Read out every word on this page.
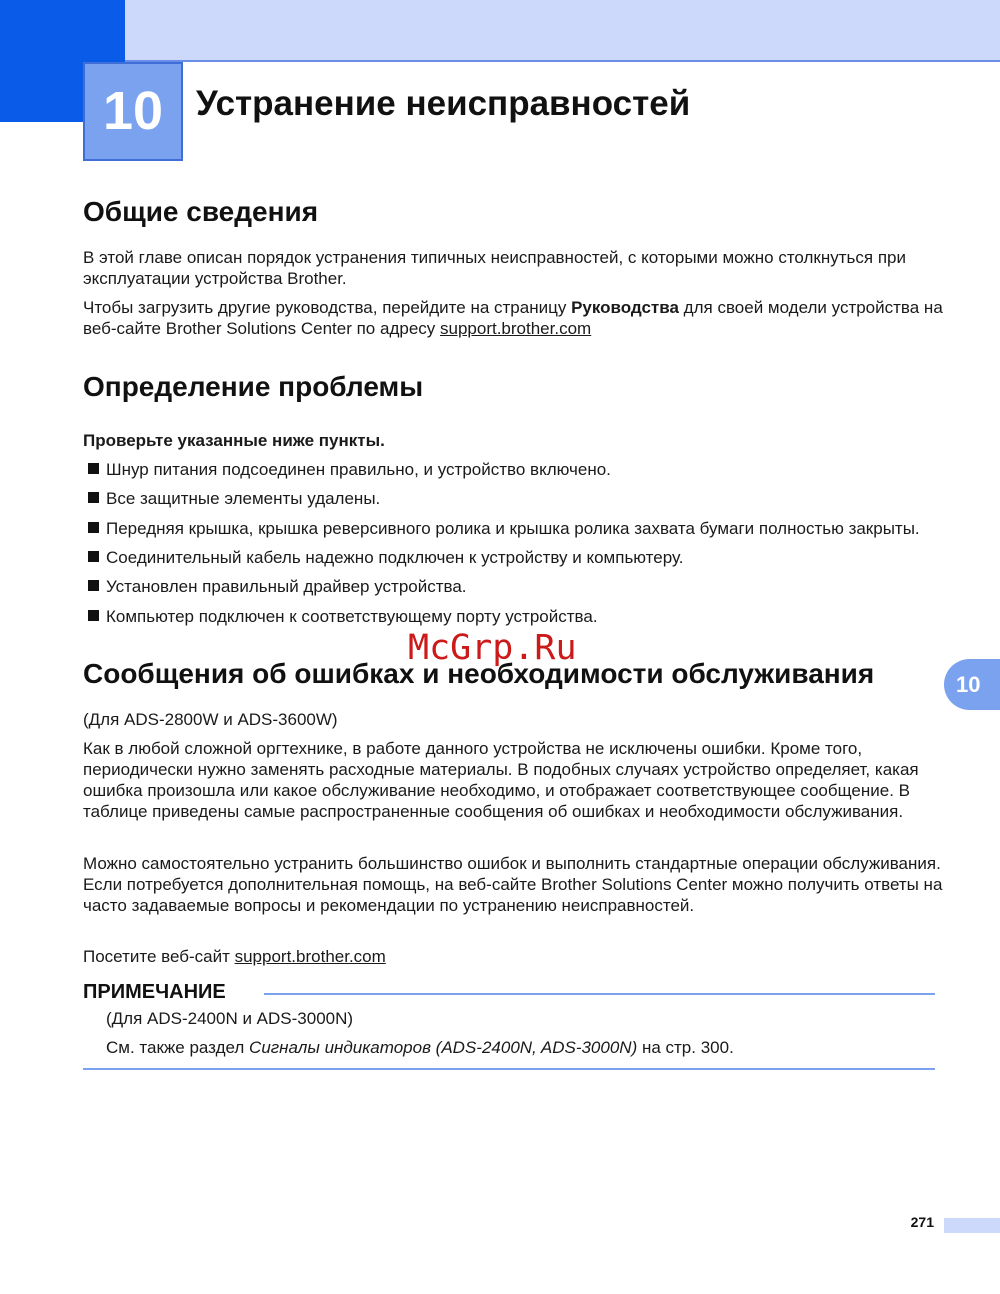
10 Устранение неисправностей
Общие сведения

В этой главе описан порядок устранения типичных неисправностей, с которыми можно столкнуться при эксплуатации устройства Brother.

Чтобы загрузить другие руководства, перейдите на страницу Руководства для своей модели устройства на веб-сайте Brother Solutions Center по адресу support.brother.com

Определение проблемы

Проверьте указанные ниже пункты.

Шнур питания подсоединен правильно, и устройство включено.
Все защитные элементы удалены.
Передняя крышка, крышка реверсивного ролика и крышка ролика захвата бумаги полностью закрыты.
Соединительный кабель надежно подключен к устройству и компьютеру.
Установлен правильный драйвер устройства.
Компьютер подключен к соответствующему порту устройства.
McGrp.Ru
Сообщения об ошибках и необходимости обслуживания	10

(Для ADS-2800W и ADS-3600W)

Как в любой сложной оргтехнике, в работе данного устройства не исключены ошибки. Кроме того, периодически нужно заменять расходные материалы. В подобных случаях устройство определяет, какая ошибка произошла или какое обслуживание необходимо, и отображает соответствующее сообщение. В таблице приведены самые распространенные сообщения об ошибках и необходимости обслуживания.

Можно самостоятельно устранить большинство ошибок и выполнить стандартные операции обслуживания. Если потребуется дополнительная помощь, на веб-сайте Brother Solutions Center можно получить ответы на часто задаваемые вопросы и рекомендации по устранению неисправностей.

Посетите веб-сайт support.brother.com

ПРИМЕЧАНИЕ

(Для ADS-2400N и ADS-3000N)

См. также раздел Сигналы индикаторов (ADS-2400N, ADS-3000N) на стр. 300.

271
